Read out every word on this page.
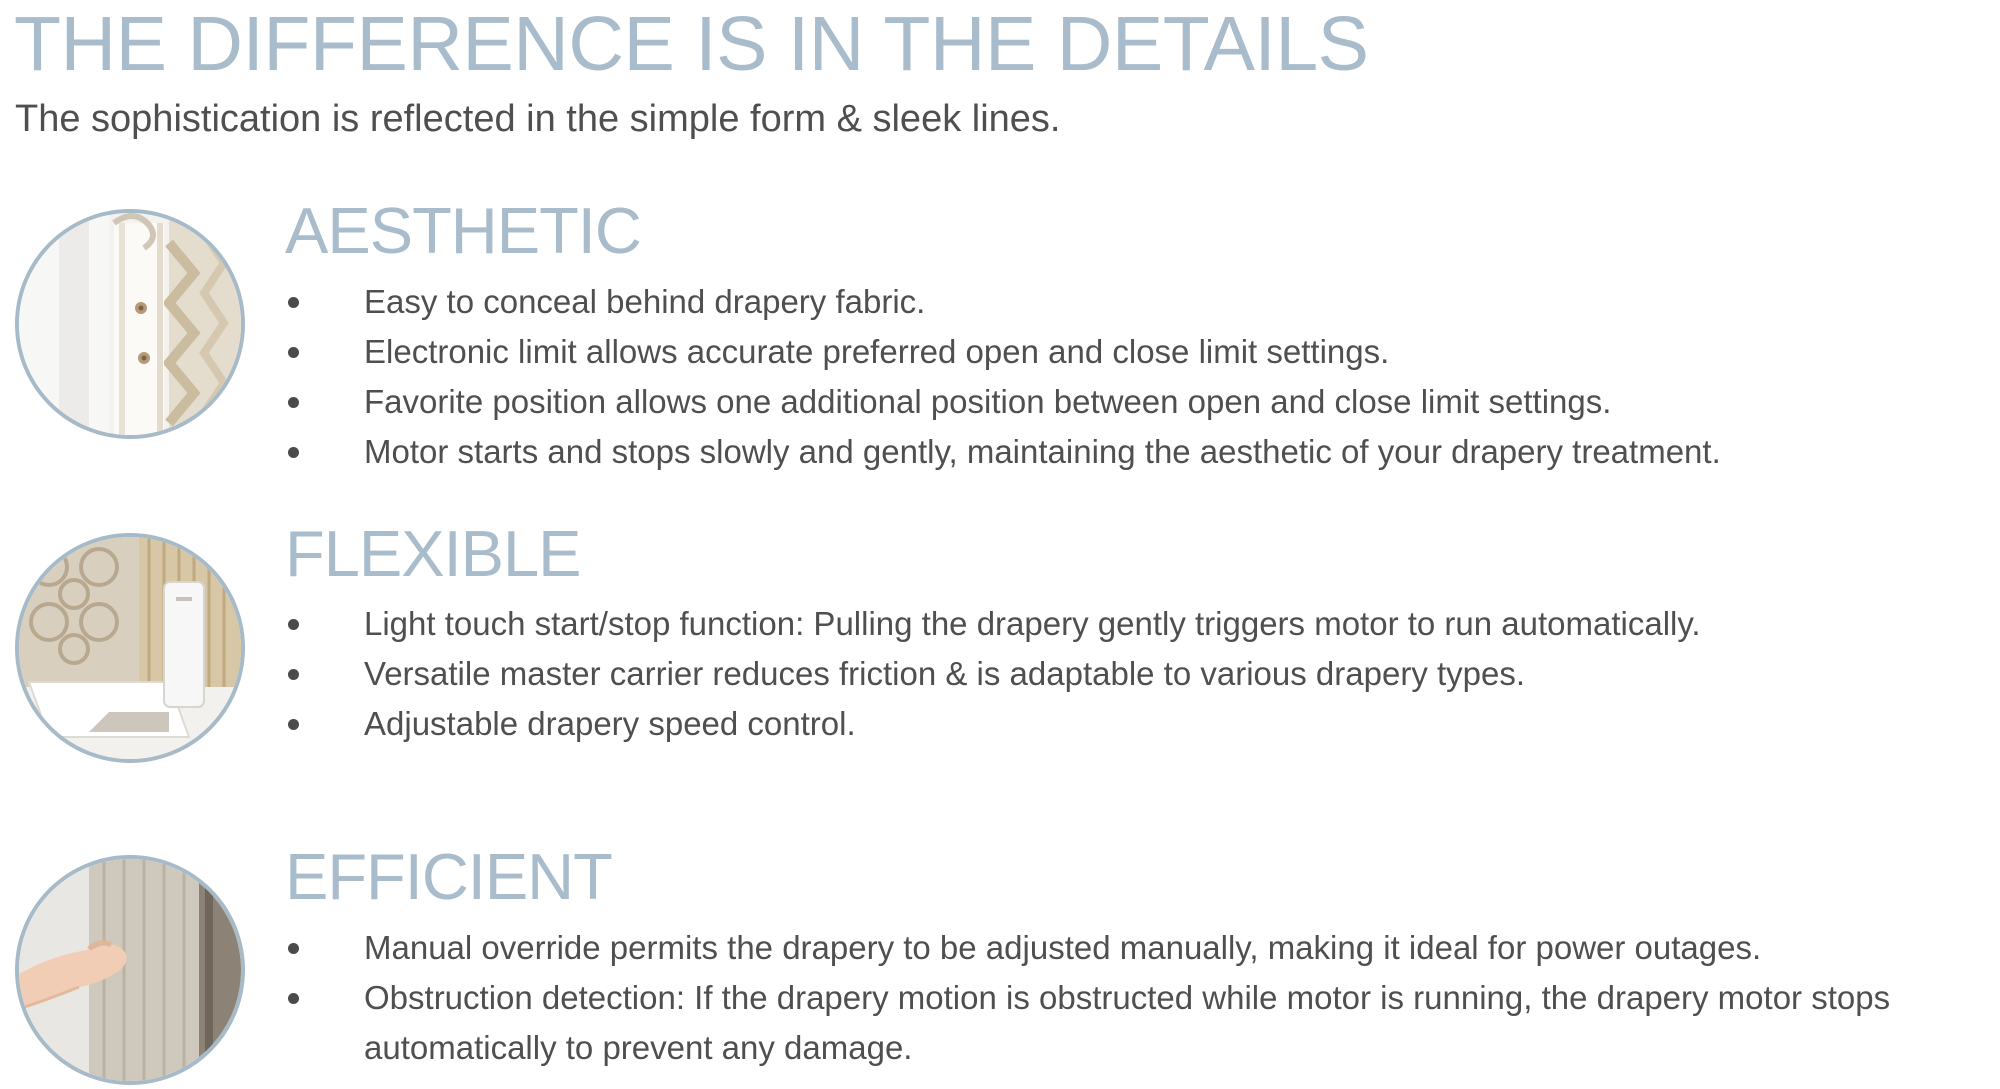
THE DIFFERENCE IS IN THE DETAILS
The sophistication is reflected in the simple form & sleek lines.
AESTHETIC
Easy to conceal behind drapery fabric.
Electronic limit allows accurate preferred open and close limit settings.
Favorite position allows one additional position between open and close limit settings.
Motor starts and stops slowly and gently, maintaining the aesthetic of your drapery treatment.
FLEXIBLE
Light touch start/stop function: Pulling the drapery gently triggers motor to run automatically.
Versatile master carrier reduces friction & is adaptable to various drapery types.
Adjustable drapery speed control.
EFFICIENT
Manual override permits the drapery to be adjusted manually, making it ideal for power outages.
Obstruction detection: If the drapery motion is obstructed while motor is running, the drapery motor stops automatically to prevent any damage.
